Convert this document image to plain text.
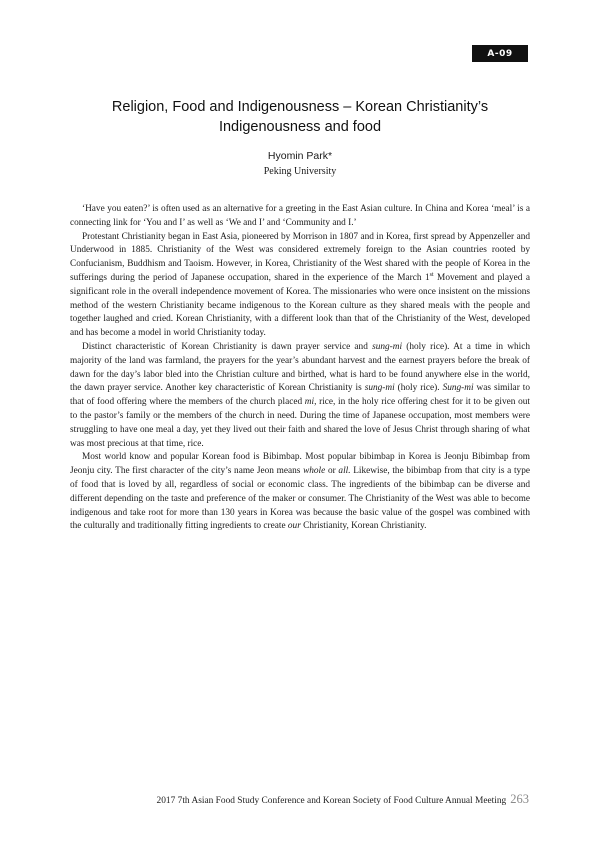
A-09
Religion, Food and Indigenousness – Korean Christianity’s
Indigenousness and food
Hyomin Park*
Peking University

‘Have you eaten?’ is often used as an alternative for a greeting in the East Asian culture. In China and Korea ‘meal’ is a connecting link for ‘You and I’ as well as ‘We and I’ and ‘Community and I.’

Protestant Christianity began in East Asia, pioneered by Morrison in 1807 and in Korea, first spread by Appenzeller and Underwood in 1885. Christianity of the West was considered extremely foreign to the Asian countries rooted by Confucianism, Buddhism and Taoism. However, in Korea, Christianity of the West shared with the people of Korea in the sufferings during the period of Japanese occupation, shared in the experience of the March 1st Movement and played a significant role in the overall independence movement of Korea. The missionaries who were once insistent on the missions method of the western Christianity became indigenous to the Korean culture as they shared meals with the people and together laughed and cried. Korean Christianity, with a different look than that of the Christianity of the West, developed and has become a model in world Christianity today.

Distinct characteristic of Korean Christianity is dawn prayer service and sung-mi (holy rice). At a time in which majority of the land was farmland, the prayers for the year’s abundant harvest and the earnest prayers before the break of dawn for the day’s labor bled into the Christian culture and birthed, what is hard to be found anywhere else in the world, the dawn prayer service. Another key characteristic of Korean Christianity is sung-mi (holy rice). Sung-mi was similar to that of food offering where the members of the church placed mi, rice, in the holy rice offering chest for it to be given out to the pastor’s family or the members of the church in need. During the time of Japanese occupation, most members were struggling to have one meal a day, yet they lived out their faith and shared the love of Jesus Christ through sharing of what was most precious at that time, rice.

Most world know and popular Korean food is Bibimbap. Most popular bibimbap in Korea is Jeonju Bibimbap from Jeonju city. The first character of the city’s name Jeon means whole or all. Likewise, the bibimbap from that city is a type of food that is loved by all, regardless of social or economic class. The ingredients of the bibimbap can be diverse and different depending on the taste and preference of the maker or consumer. The Christianity of the West was able to become indigenous and take root for more than 130 years in Korea was because the basic value of the gospel was combined with the culturally and traditionally fitting ingredients to create our Christianity, Korean Christianity.

2017 7th Asian Food Study Conference and Korean Society of Food Culture Annual Meeting 263
